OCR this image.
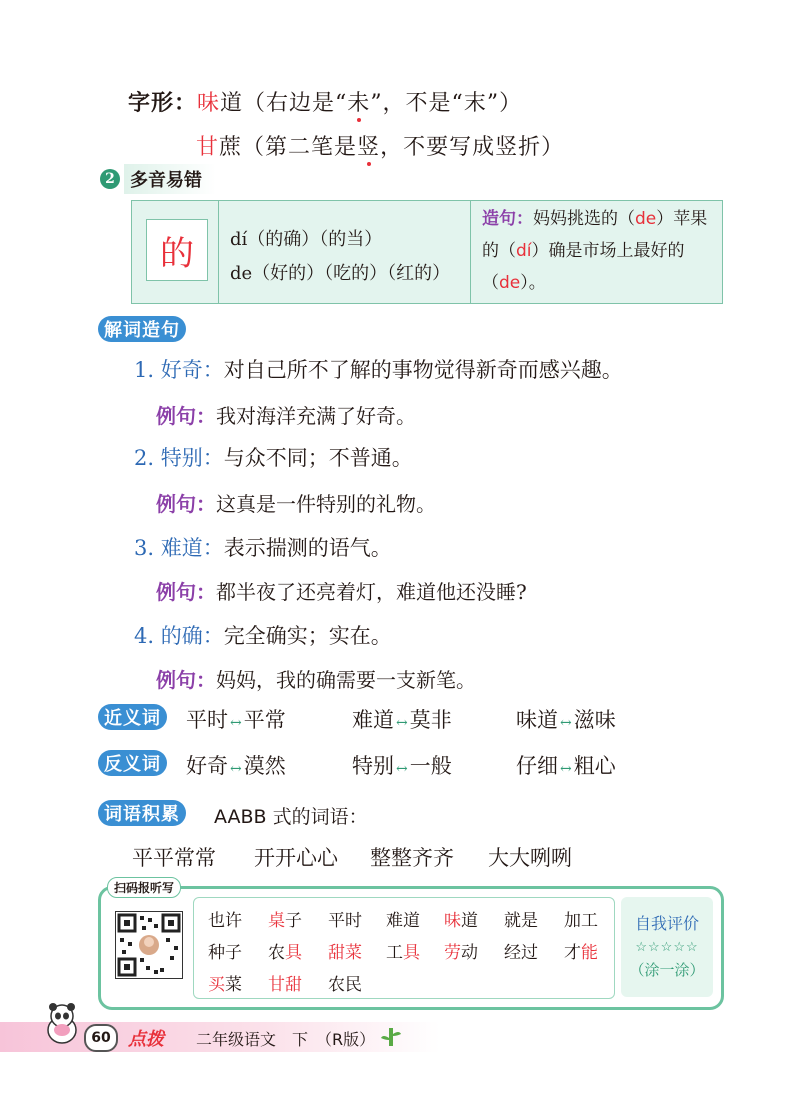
字形：味道（右边是“未”，不是“末”）
甘蔗（第二笔是竖，不要写成竖折）
2 多音易错
的 dí（的确）（的当）
de（好的）（吃的）（红的）
造句：妈妈挑选的（de）苹果的（dí）确是市场上最好的（de）。
解词造句
1. 好奇：对自己所不了解的事物觉得新奇而感兴趣。
例句：我对海洋充满了好奇。
2. 特别：与众不同；不普通。
例句：这真是一件特别的礼物。
3. 难道：表示揣测的语气。
例句：都半夜了还亮着灯，难道他还没睡?
4. 的确：完全确实；实在。
例句：妈妈，我的确需要一支新笔。
近义词 平时 ↔平常	难道 ↔莫非	味道 ↔滋味
反义词 好奇 ↔漠然	特别 ↔一般	仔细 ↔粗心
词语积累	AABB 式的词语：
平平常常 开开心心 整整齐齐 大大咧咧
扫码报听写
也许 桌子 平时 难道 味道 就是 加工
种子 农具 甜菜 工具 劳动 经过 才能
买菜 甘甜 农民
自我评价
☆☆☆☆☆
（涂一涂）
60 点拨 二年级语文　下　（R版）
